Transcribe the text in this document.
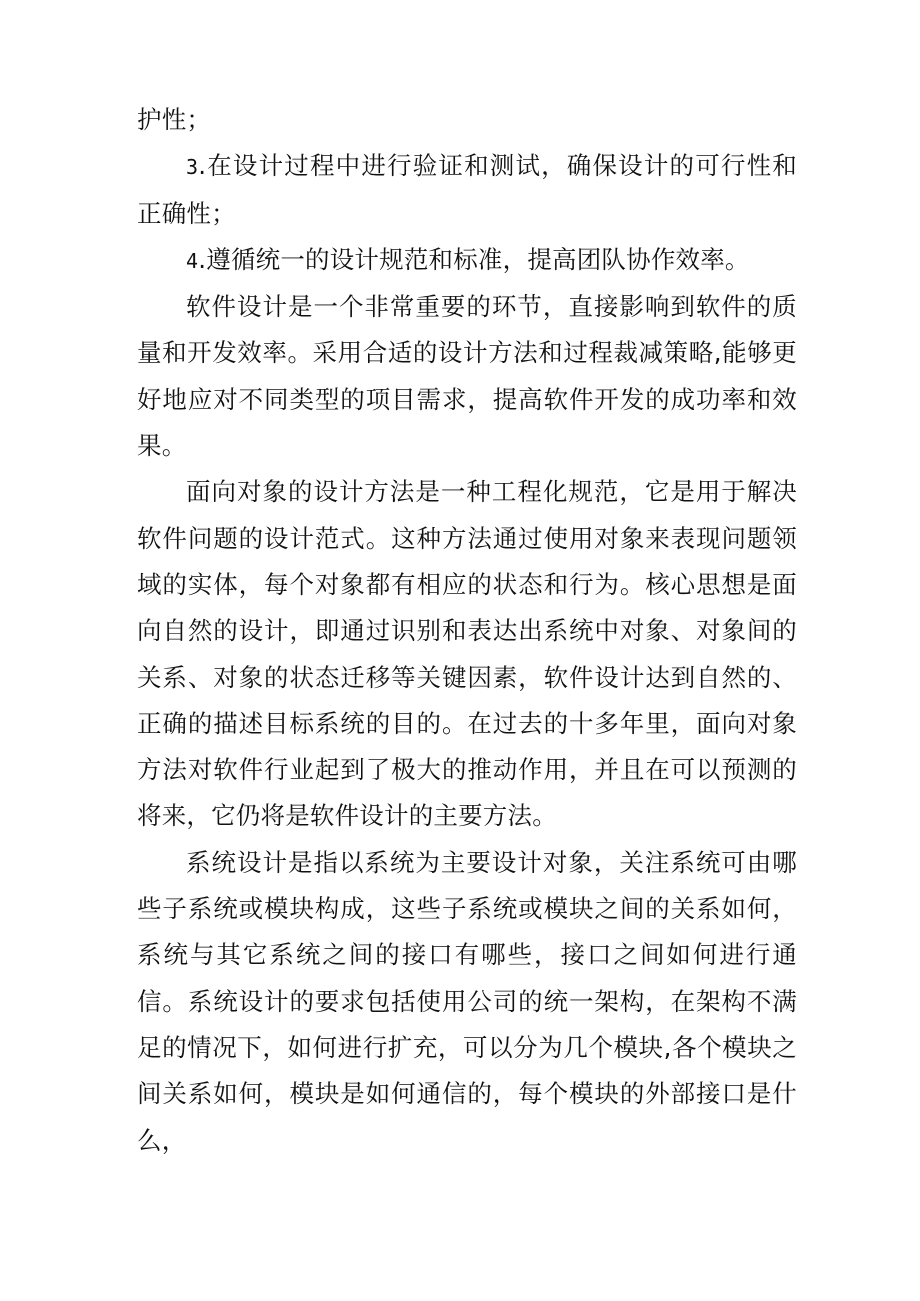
护性；

3.在设计过程中进行验证和测试，确保设计的可行性和正确性；

4.遵循统一的设计规范和标准，提高团队协作效率。

软件设计是一个非常重要的环节，直接影响到软件的质量和开发效率。采用合适的设计方法和过程裁减策略,能够更好地应对不同类型的项目需求，提高软件开发的成功率和效果。

面向对象的设计方法是一种工程化规范，它是用于解决软件问题的设计范式。这种方法通过使用对象来表现问题领域的实体，每个对象都有相应的状态和行为。核心思想是面向自然的设计，即通过识别和表达出系统中对象、对象间的关系、对象的状态迁移等关键因素，软件设计达到自然的、正确的描述目标系统的目的。在过去的十多年里，面向对象方法对软件行业起到了极大的推动作用，并且在可以预测的将来，它仍将是软件设计的主要方法。

系统设计是指以系统为主要设计对象，关注系统可由哪些子系统或模块构成，这些子系统或模块之间的关系如何，系统与其它系统之间的接口有哪些，接口之间如何进行通信。系统设计的要求包括使用公司的统一架构，在架构不满足的情况下，如何进行扩充，可以分为几个模块,各个模块之间关系如何，模块是如何通信的，每个模块的外部接口是什么，
